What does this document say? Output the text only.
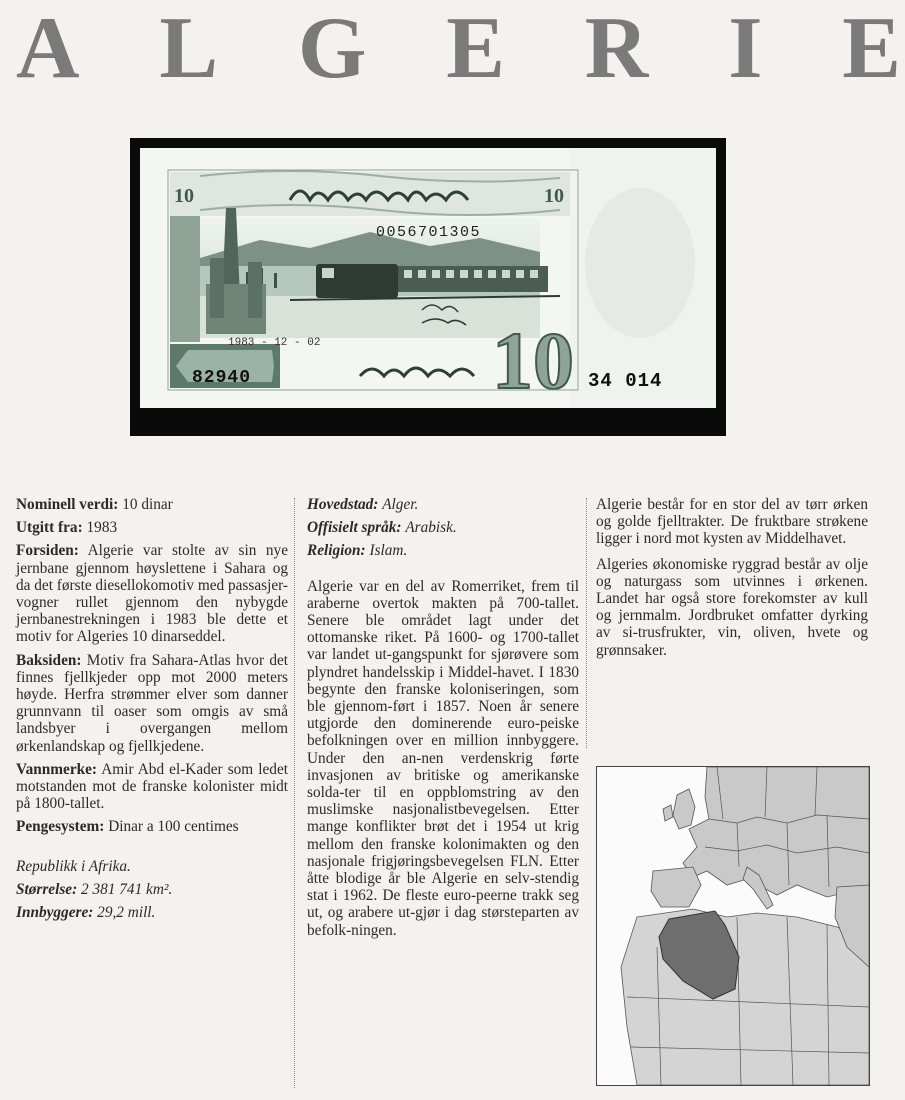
A L G E R I E
10	10
10
0056701305
1983 - 12 - 02
82940	34 014

Nominell verdi: 10 dinar

Utgitt fra: 1983

Forsiden: Algerie var stolte av sin nye jernbane gjennom høyslettene i Sahara og da det første diesellokomotiv med passasjer-vogner rullet gjennom den nybygde jernbanestrekningen i 1983 ble dette et motiv for Algeries 10 dinarseddel.

Baksiden: Motiv fra Sahara-Atlas hvor det finnes fjellkjeder opp mot 2000 meters høyde. Herfra strømmer elver som danner grunnvann til oaser som omgis av små landsbyer i overgangen mellom ørkenlandskap og fjellkjedene.

Vannmerke: Amir Abd el-Kader som ledet motstanden mot de franske kolonister midt på 1800-tallet.

Pengesystem: Dinar a 100 centimes

Republikk i Afrika.

Størrelse: 2 381 741 km².

Innbyggere: 29,2 mill.

Hovedstad: Alger.

Offisielt språk: Arabisk.

Religion: Islam.

Algerie var en del av Romerriket, frem til araberne overtok makten på 700-tallet. Senere ble området lagt under det ottomanske riket. På 1600- og 1700-tallet var landet ut-gangspunkt for sjørøvere som plyndret handelsskip i Middel-havet. I 1830 begynte den franske koloniseringen, som ble gjennom-ført i 1857. Noen år senere utgjorde den dominerende euro-peiske befolkningen over en million innbyggere. Under den an-nen verdenskrig førte invasjonen av britiske og amerikanske solda-ter til en oppblomstring av den muslimske nasjonalistbevegelsen. Etter mange konflikter brøt det i 1954 ut krig mellom den franske kolonimakten og den nasjonale frigjøringsbevegelsen FLN. Etter åtte blodige år ble Algerie en selv-stendig stat i 1962. De fleste euro-peerne trakk seg ut, og arabere ut-gjør i dag størsteparten av befolk-ningen.

Algerie består for en stor del av tørr ørken og golde fjelltrakter. De fruktbare strøkene ligger i nord mot kysten av Middelhavet.

Algeries økonomiske ryggrad består av olje og naturgass som utvinnes i ørkenen. Landet har også store forekomster av kull og jernmalm. Jordbruket omfatter dyrking av si-trusfrukter, vin, oliven, hvete og grønnsaker.
